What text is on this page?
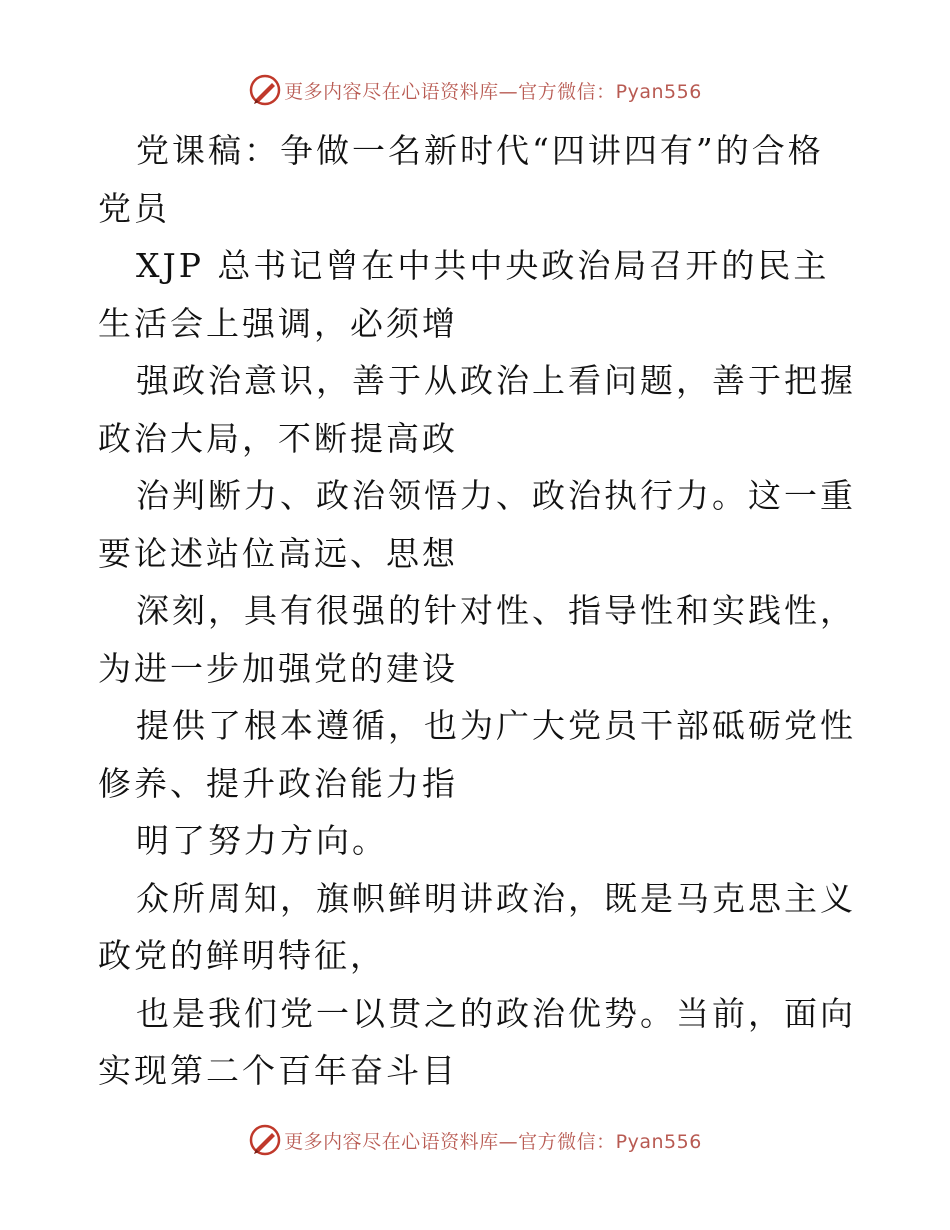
更多内容尽在心语资料库—官方微信：Pyan556

党课稿：争做一名新时代“四讲四有”的合格党员

XJP 总书记曾在中共中央政治局召开的民主生活会上强调，必须增

强政治意识，善于从政治上看问题，善于把握政治大局，不断提高政

治判断力、政治领悟力、政治执行力。这一重要论述站位高远、思想

深刻，具有很强的针对性、指导性和实践性，为进一步加强党的建设

提供了根本遵循，也为广大党员干部砥砺党性修养、提升政治能力指

明了努力方向。

众所周知，旗帜鲜明讲政治，既是马克思主义政党的鲜明特征，

也是我们党一以贯之的政治优势。当前，面向实现第二个百年奋斗目

更多内容尽在心语资料库—官方微信：Pyan556
